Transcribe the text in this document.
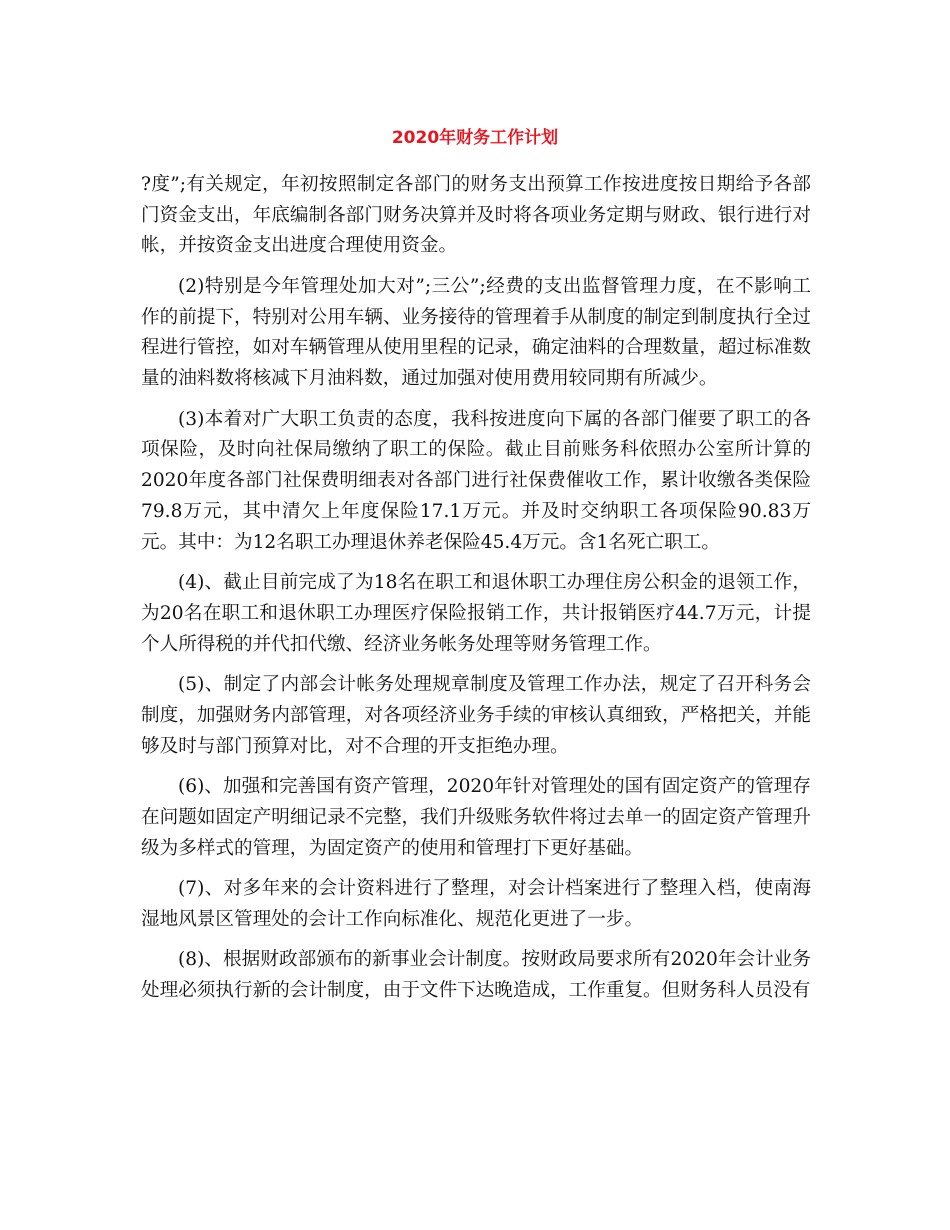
2020年财务工作计划

?度”;有关规定，年初按照制定各部门的财务支出预算工作按进度按日期给予各部门资金支出，年底编制各部门财务决算并及时将各项业务定期与财政、银行进行对帐，并按资金支出进度合理使用资金。

(2)特别是今年管理处加大对”;三公”;经费的支出监督管理力度，在不影响工作的前提下，特别对公用车辆、业务接待的管理着手从制度的制定到制度执行全过程进行管控，如对车辆管理从使用里程的记录，确定油料的合理数量，超过标准数量的油料数将核减下月油料数，通过加强对使用费用较同期有所减少。

(3)本着对广大职工负责的态度，我科按进度向下属的各部门催要了职工的各项保险，及时向社保局缴纳了职工的保险。截止目前账务科依照办公室所计算的2020年度各部门社保费明细表对各部门进行社保费催收工作，累计收缴各类保险79.8万元，其中清欠上年度保险17.1万元。并及时交纳职工各项保险90.83万元。其中：为12名职工办理退休养老保险45.4万元。含1名死亡职工。

(4)、截止目前完成了为18名在职工和退休职工办理住房公积金的退领工作，为20名在职工和退休职工办理医疗保险报销工作，共计报销医疗44.7万元，计提个人所得税的并代扣代缴、经济业务帐务处理等财务管理工作。

(5)、制定了内部会计帐务处理规章制度及管理工作办法，规定了召开科务会制度，加强财务内部管理，对各项经济业务手续的审核认真细致，严格把关，并能够及时与部门预算对比，对不合理的开支拒绝办理。

(6)、加强和完善国有资产管理，2020年针对管理处的国有固定资产的管理存在问题如固定产明细记录不完整，我们升级账务软件将过去单一的固定资产管理升级为多样式的管理，为固定资产的使用和管理打下更好基础。

(7)、对多年来的会计资料进行了整理，对会计档案进行了整理入档，使南海湿地风景区管理处的会计工作向标准化、规范化更进了一步。

(8)、根据财政部颁布的新事业会计制度。按财政局要求所有2020年会计业务处理必须执行新的会计制度，由于文件下达晚造成，工作重复。但财务科人员没有
